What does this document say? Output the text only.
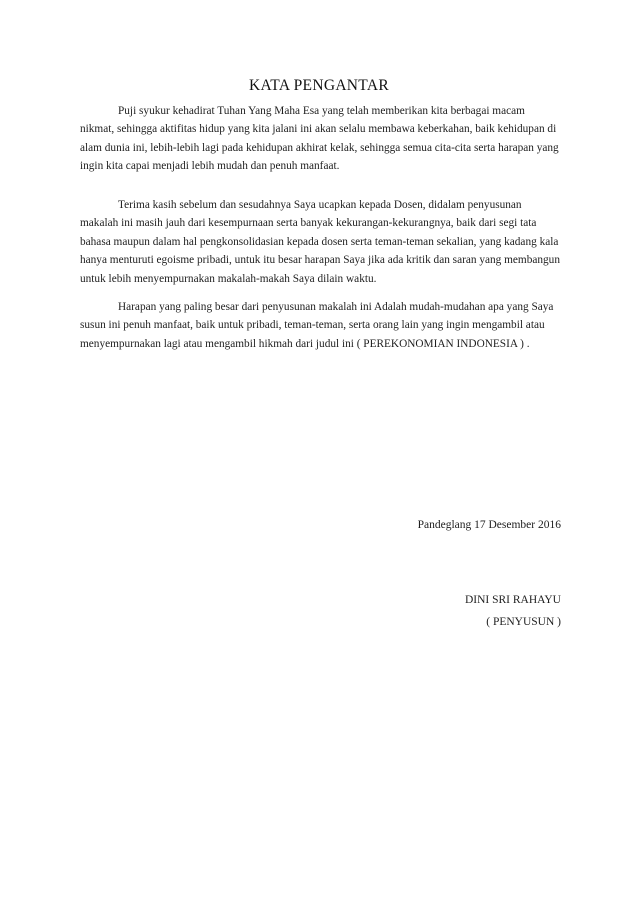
KATA PENGANTAR

Puji syukur kehadirat Tuhan Yang Maha Esa yang telah memberikan kita berbagai macam nikmat, sehingga aktifitas hidup yang kita jalani ini akan selalu membawa keberkahan, baik kehidupan di alam dunia ini, lebih-lebih lagi pada kehidupan akhirat kelak, sehingga semua cita-cita serta harapan yang ingin kita capai menjadi lebih mudah dan penuh manfaat.

Terima kasih sebelum dan sesudahnya Saya ucapkan kepada Dosen, didalam penyusunan makalah ini masih jauh dari kesempurnaan serta banyak kekurangan-kekurangnya, baik dari segi tata bahasa maupun dalam hal pengkonsolidasian kepada dosen serta teman-teman sekalian, yang kadang kala hanya menturuti egoisme pribadi, untuk itu besar harapan Saya jika ada kritik dan saran yang membangun untuk lebih menyempurnakan makalah-makah Saya dilain waktu.

Harapan yang paling besar dari penyusunan makalah ini Adalah mudah-mudahan apa yang Saya susun ini penuh manfaat, baik untuk pribadi, teman-teman, serta orang lain yang ingin mengambil atau menyempurnakan lagi atau mengambil hikmah dari judul ini ( PEREKONOMIAN INDONESIA ) .

Pandeglang 17 Desember 2016
DINI SRI RAHAYU
( PENYUSUN )
